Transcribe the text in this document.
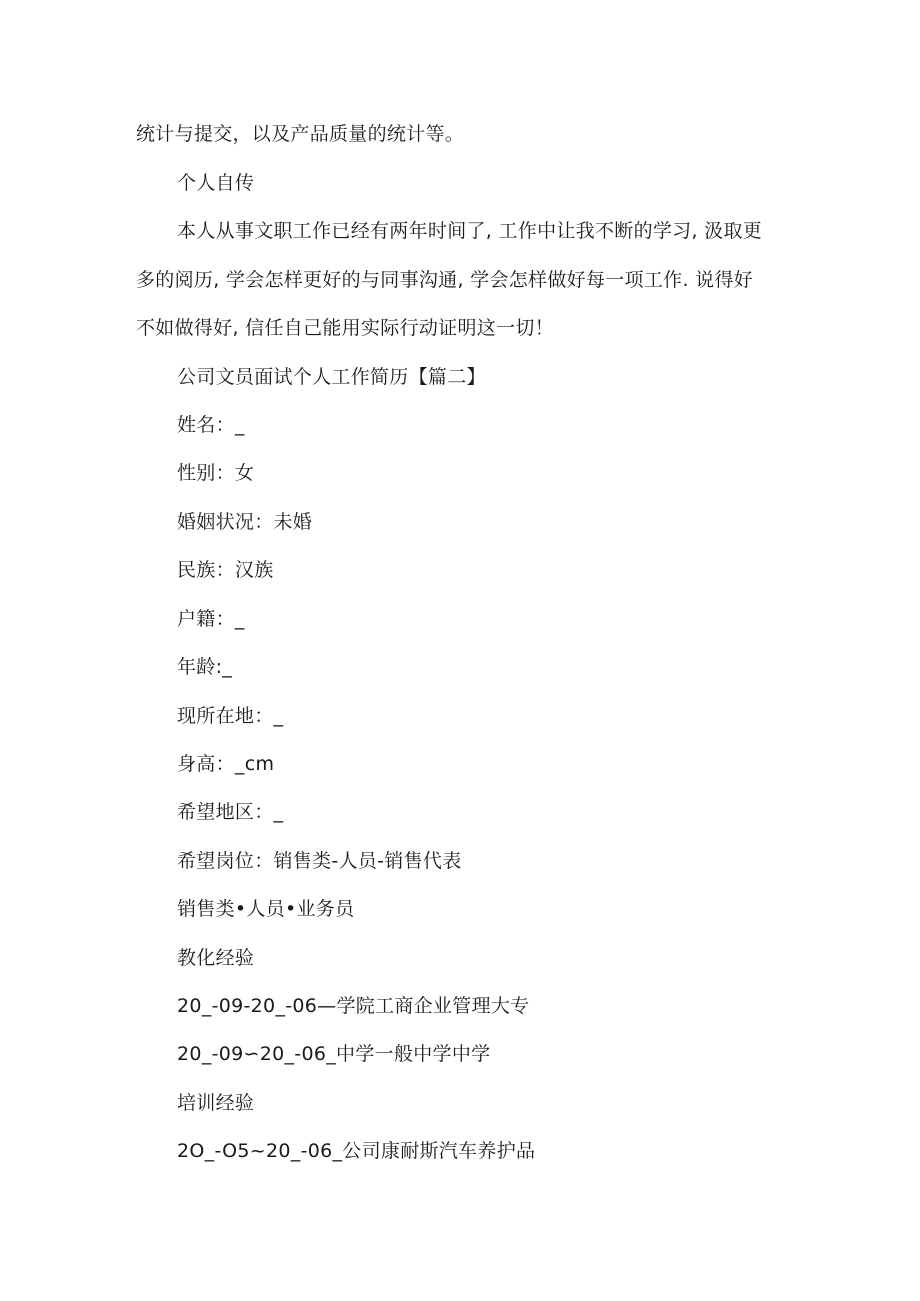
统计与提交，以及产品质量的统计等。
个人自传
本人从事文职工作已经有两年时间了, 工作中让我不断的学习, 汲取更
多的阅历, 学会怎样更好的与同事沟通, 学会怎样做好每一项工作. 说得好
不如做得好, 信任自己能用实际行动证明这一切！
公司文员面试个人工作简历【篇二】
姓名：_
性别：女
婚姻状况：未婚
民族：汉族
户籍：_
年龄:_
现所在地：_
身高：_cm
希望地区：_
希望岗位：销售类-人员-销售代表
销售类•人员•业务员
教化经验
20_-09-20_-06—学院工商企业管理大专
20_-09∽20_-06_中学一般中学中学
培训经验
2O_-O5~20_-06_公司康耐斯汽车养护品
